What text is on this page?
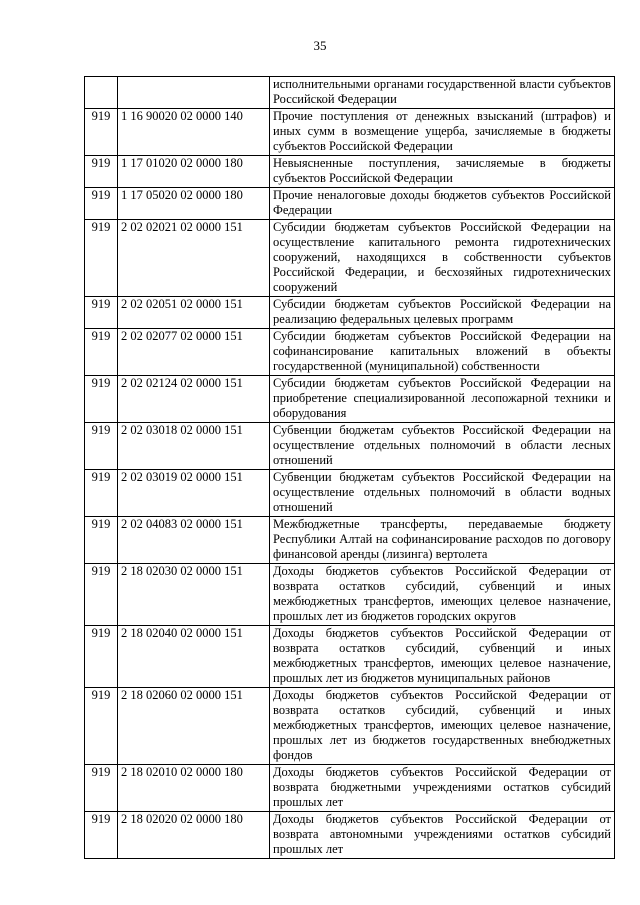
35
		исполнительными органами государственной власти субъектов Российской Федерации
919	1 16 90020 02 0000 140	Прочие поступления от денежных взысканий (штрафов) и иных сумм в возмещение ущерба, зачисляемые в бюджеты субъектов Российской Федерации
919	1 17 01020 02 0000 180	Невыясненные поступления, зачисляемые в бюджеты субъектов Российской Федерации
919	1 17 05020 02 0000 180	Прочие неналоговые доходы бюджетов субъектов Российской Федерации
919	2 02 02021 02 0000 151	Субсидии бюджетам субъектов Российской Федерации на осуществление капитального ремонта гидротехнических сооружений, находящихся в собственности субъектов Российской Федерации, и бесхозяйных гидротехнических сооружений
919	2 02 02051 02 0000 151	Субсидии бюджетам субъектов Российской Федерации на реализацию федеральных целевых программ
919	2 02 02077 02 0000 151	Субсидии бюджетам субъектов Российской Федерации на софинансирование капитальных вложений в объекты государственной (муниципальной) собственности
919	2 02 02124 02 0000 151	Субсидии бюджетам субъектов Российской Федерации на приобретение специализированной лесопожарной техники и оборудования
919	2 02 03018 02 0000 151	Субвенции бюджетам субъектов Российской Федерации на осуществление отдельных полномочий в области лесных отношений
919	2 02 03019 02 0000 151	Субвенции бюджетам субъектов Российской Федерации на осуществление отдельных полномочий в области водных отношений
919	2 02 04083 02 0000 151	Межбюджетные трансферты, передаваемые бюджету Республики Алтай на софинансирование расходов по договору финансовой аренды (лизинга) вертолета
919	2 18 02030 02 0000 151	Доходы бюджетов субъектов Российской Федерации от возврата остатков субсидий, субвенций и иных межбюджетных трансфертов, имеющих целевое назначение, прошлых лет из бюджетов городских округов
919	2 18 02040 02 0000 151	Доходы бюджетов субъектов Российской Федерации от возврата остатков субсидий, субвенций и иных межбюджетных трансфертов, имеющих целевое назначение, прошлых лет из бюджетов муниципальных районов
919	2 18 02060 02 0000 151	Доходы бюджетов субъектов Российской Федерации от возврата остатков субсидий, субвенций и иных межбюджетных трансфертов, имеющих целевое назначение, прошлых лет из бюджетов государственных внебюджетных фондов
919	2 18 02010 02 0000 180	Доходы бюджетов субъектов Российской Федерации от возврата бюджетными учреждениями остатков субсидий прошлых лет
919	2 18 02020 02 0000 180	Доходы бюджетов субъектов Российской Федерации от возврата автономными учреждениями остатков субсидий прошлых лет
